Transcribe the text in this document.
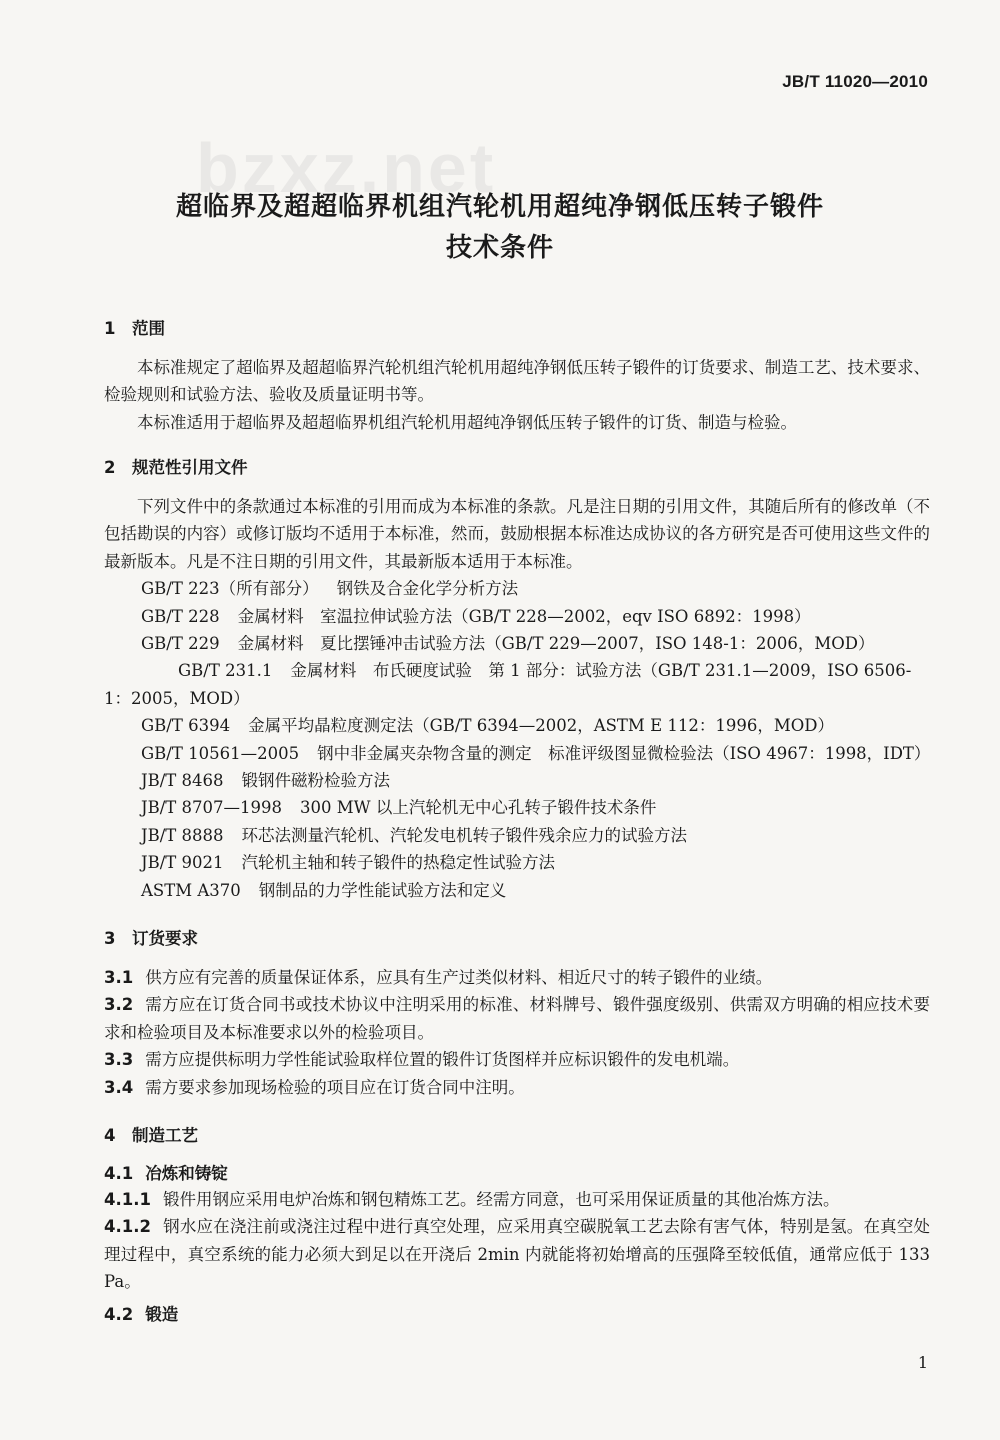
bzxz.net
JB/T 11020—2010
超临界及超超临界机组汽轮机用超纯净钢低压转子锻件
技术条件
1 范围

本标准规定了超临界及超超临界汽轮机组汽轮机用超纯净钢低压转子锻件的订货要求、制造工艺、技术要求、检验规则和试验方法、验收及质量证明书等。

本标准适用于超临界及超超临界机组汽轮机用超纯净钢低压转子锻件的订货、制造与检验。

2 规范性引用文件

下列文件中的条款通过本标准的引用而成为本标准的条款。凡是注日期的引用文件，其随后所有的修改单（不包括勘误的内容）或修订版均不适用于本标准，然而，鼓励根据本标准达成协议的各方研究是否可使用这些文件的最新版本。凡是不注日期的引用文件，其最新版本适用于本标准。

GB/T 223（所有部分） 钢铁及合金化学分析方法

GB/T 228 金属材料　室温拉伸试验方法（GB/T 228—2002，eqv ISO 6892：1998）

GB/T 229 金属材料　夏比摆锤冲击试验方法（GB/T 229—2007，ISO 148-1：2006，MOD）

GB/T 231.1 金属材料　布氏硬度试验　第 1 部分：试验方法（GB/T 231.1—2009，ISO 6506-1：2005，MOD）

GB/T 6394 金属平均晶粒度测定法（GB/T 6394—2002，ASTM E 112：1996，MOD）

GB/T 10561—2005 钢中非金属夹杂物含量的测定　标准评级图显微检验法（ISO 4967：1998，IDT）

JB/T 8468 锻钢件磁粉检验方法

JB/T 8707—1998 300 MW 以上汽轮机无中心孔转子锻件技术条件

JB/T 8888 环芯法测量汽轮机、汽轮发电机转子锻件残余应力的试验方法

JB/T 9021 汽轮机主轴和转子锻件的热稳定性试验方法

ASTM A370 钢制品的力学性能试验方法和定义

3 订货要求

3.1 供方应有完善的质量保证体系，应具有生产过类似材料、相近尺寸的转子锻件的业绩。

3.2 需方应在订货合同书或技术协议中注明采用的标准、材料牌号、锻件强度级别、供需双方明确的相应技术要求和检验项目及本标准要求以外的检验项目。

3.3 需方应提供标明力学性能试验取样位置的锻件订货图样并应标识锻件的发电机端。

3.4 需方要求参加现场检验的项目应在订货合同中注明。

4 制造工艺
4.1 冶炼和铸锭

4.1.1 锻件用钢应采用电炉冶炼和钢包精炼工艺。经需方同意，也可采用保证质量的其他冶炼方法。

4.1.2 钢水应在浇注前或浇注过程中进行真空处理，应采用真空碳脱氧工艺去除有害气体，特别是氢。在真空处理过程中，真空系统的能力必须大到足以在开浇后 2min 内就能将初始增高的压强降至较低值，通常应低于 133 Pa。

4.2 锻造
1
